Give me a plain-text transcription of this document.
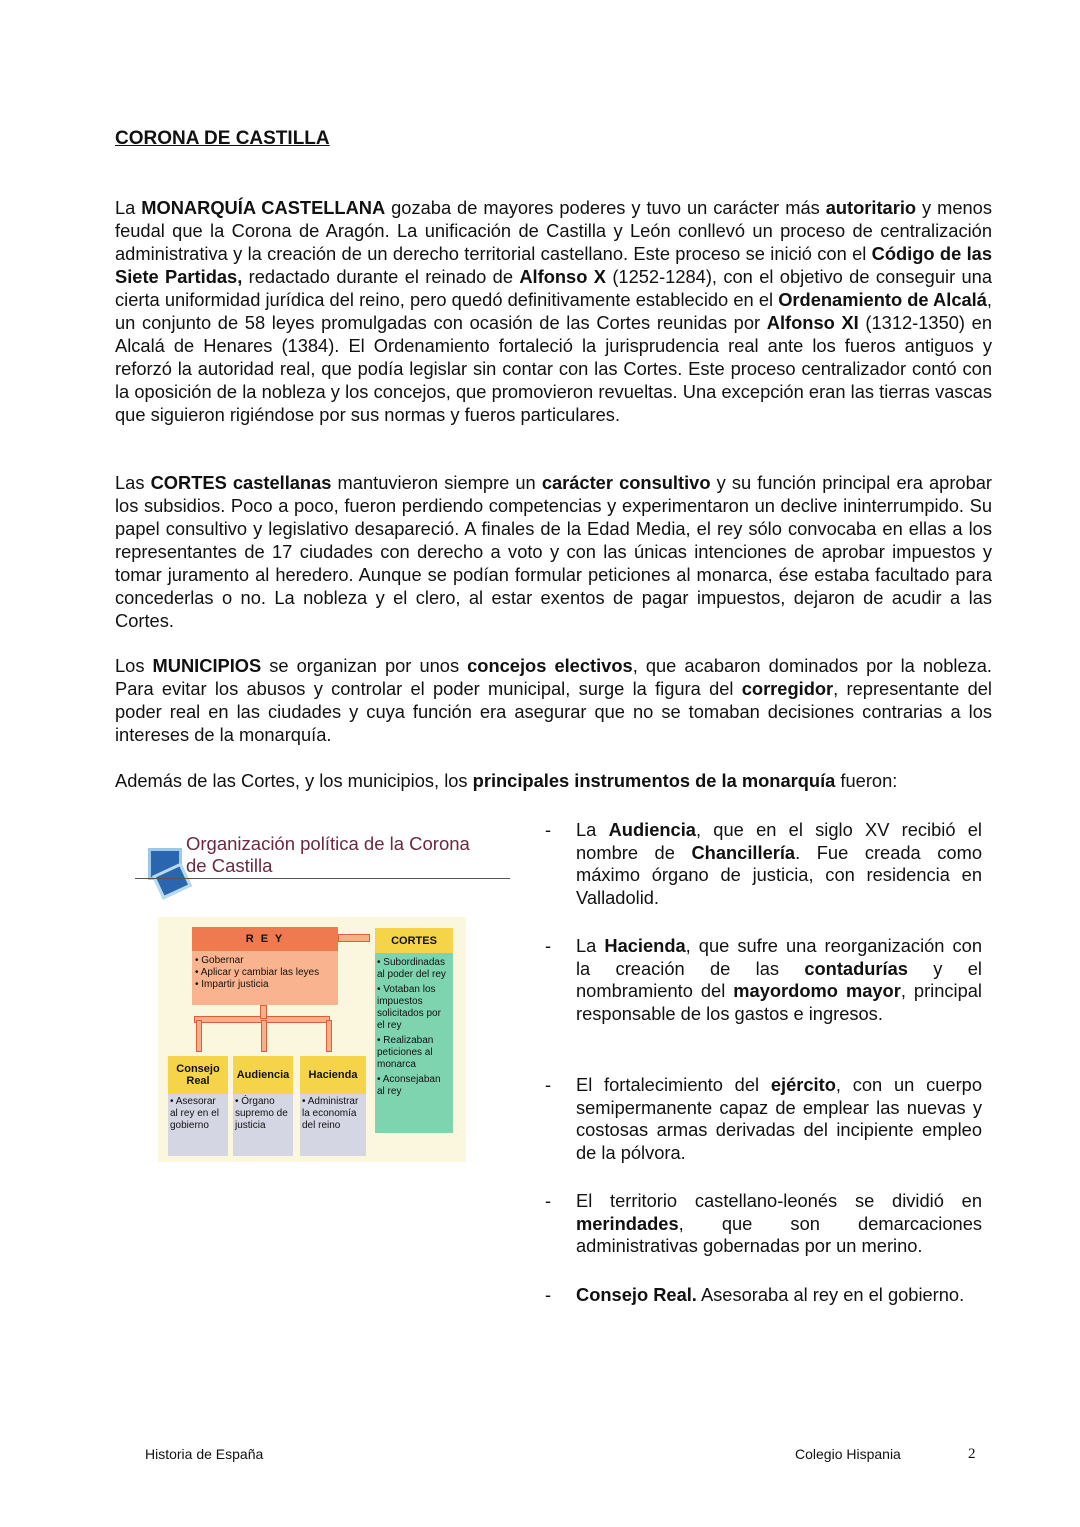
CORONA DE CASTILLA
La MONARQUÍA CASTELLANA gozaba de mayores poderes y tuvo un carácter más autoritario y menos feudal que la Corona de Aragón. La unificación de Castilla y León conllevó un proceso de centralización administrativa y la creación de un derecho territorial castellano. Este proceso se inició con el Código de las Siete Partidas, redactado durante el reinado de Alfonso X (1252-1284), con el objetivo de conseguir una cierta uniformidad jurídica del reino, pero quedó definitivamente establecido en el Ordenamiento de Alcalá, un conjunto de 58 leyes promulgadas con ocasión de las Cortes reunidas por Alfonso XI (1312-1350) en Alcalá de Henares (1384). El Ordenamiento fortaleció la jurisprudencia real ante los fueros antiguos y reforzó la autoridad real, que podía legislar sin contar con las Cortes. Este proceso centralizador contó con la oposición de la nobleza y los concejos, que promovieron revueltas. Una excepción eran las tierras vascas que siguieron rigiéndose por sus normas y fueros particulares.
Las CORTES castellanas mantuvieron siempre un carácter consultivo y su función principal era aprobar los subsidios. Poco a poco, fueron perdiendo competencias y experimentaron un declive ininterrumpido. Su papel consultivo y legislativo desapareció. A finales de la Edad Media, el rey sólo convocaba en ellas a los representantes de 17 ciudades con derecho a voto y con las únicas intenciones de aprobar impuestos y tomar juramento al heredero. Aunque se podían formular peticiones al monarca, ése estaba facultado para concederlas o no. La nobleza y el clero, al estar exentos de pagar impuestos, dejaron de acudir a las Cortes.
Los MUNICIPIOS se organizan por unos concejos electivos, que acabaron dominados por la nobleza. Para evitar los abusos y controlar el poder municipal, surge la figura del corregidor, representante del poder real en las ciudades y cuya función era asegurar que no se tomaban decisiones contrarias a los intereses de la monarquía.
Además de las Cortes, y los municipios, los principales instrumentos de la monarquía fueron:
- La Audiencia, que en el siglo XV recibió el nombre de Chancillería. Fue creada como máximo órgano de justicia, con residencia en Valladolid.
- La Hacienda, que sufre una reorganización con la creación de las contadurías y el nombramiento del mayordomo mayor, principal responsable de los gastos e ingresos.
- El fortalecimiento del ejército, con un cuerpo semipermanente capaz de emplear las nuevas y costosas armas derivadas del incipiente empleo de la pólvora.
- El territorio castellano-leonés se dividió en merindades, que son demarcaciones administrativas gobernadas por un merino.
- Consejo Real. Asesoraba al rey en el gobierno.
Organización política de la Corona de Castilla
R E Y
• Gobernar
• Aplicar y cambiar las leyes
• Impartir justicia
CORTES
• Subordinadas al poder del rey
• Votaban los impuestos solicitados por el rey
• Realizaban peticiones al monarca
• Aconsejaban al rey
Consejo Real
• Asesorar al rey en el gobierno
Audiencia
• Órgano supremo de justicia
Hacienda
• Administrar la economía del reino
Historia de España	Colegio Hispania	2
